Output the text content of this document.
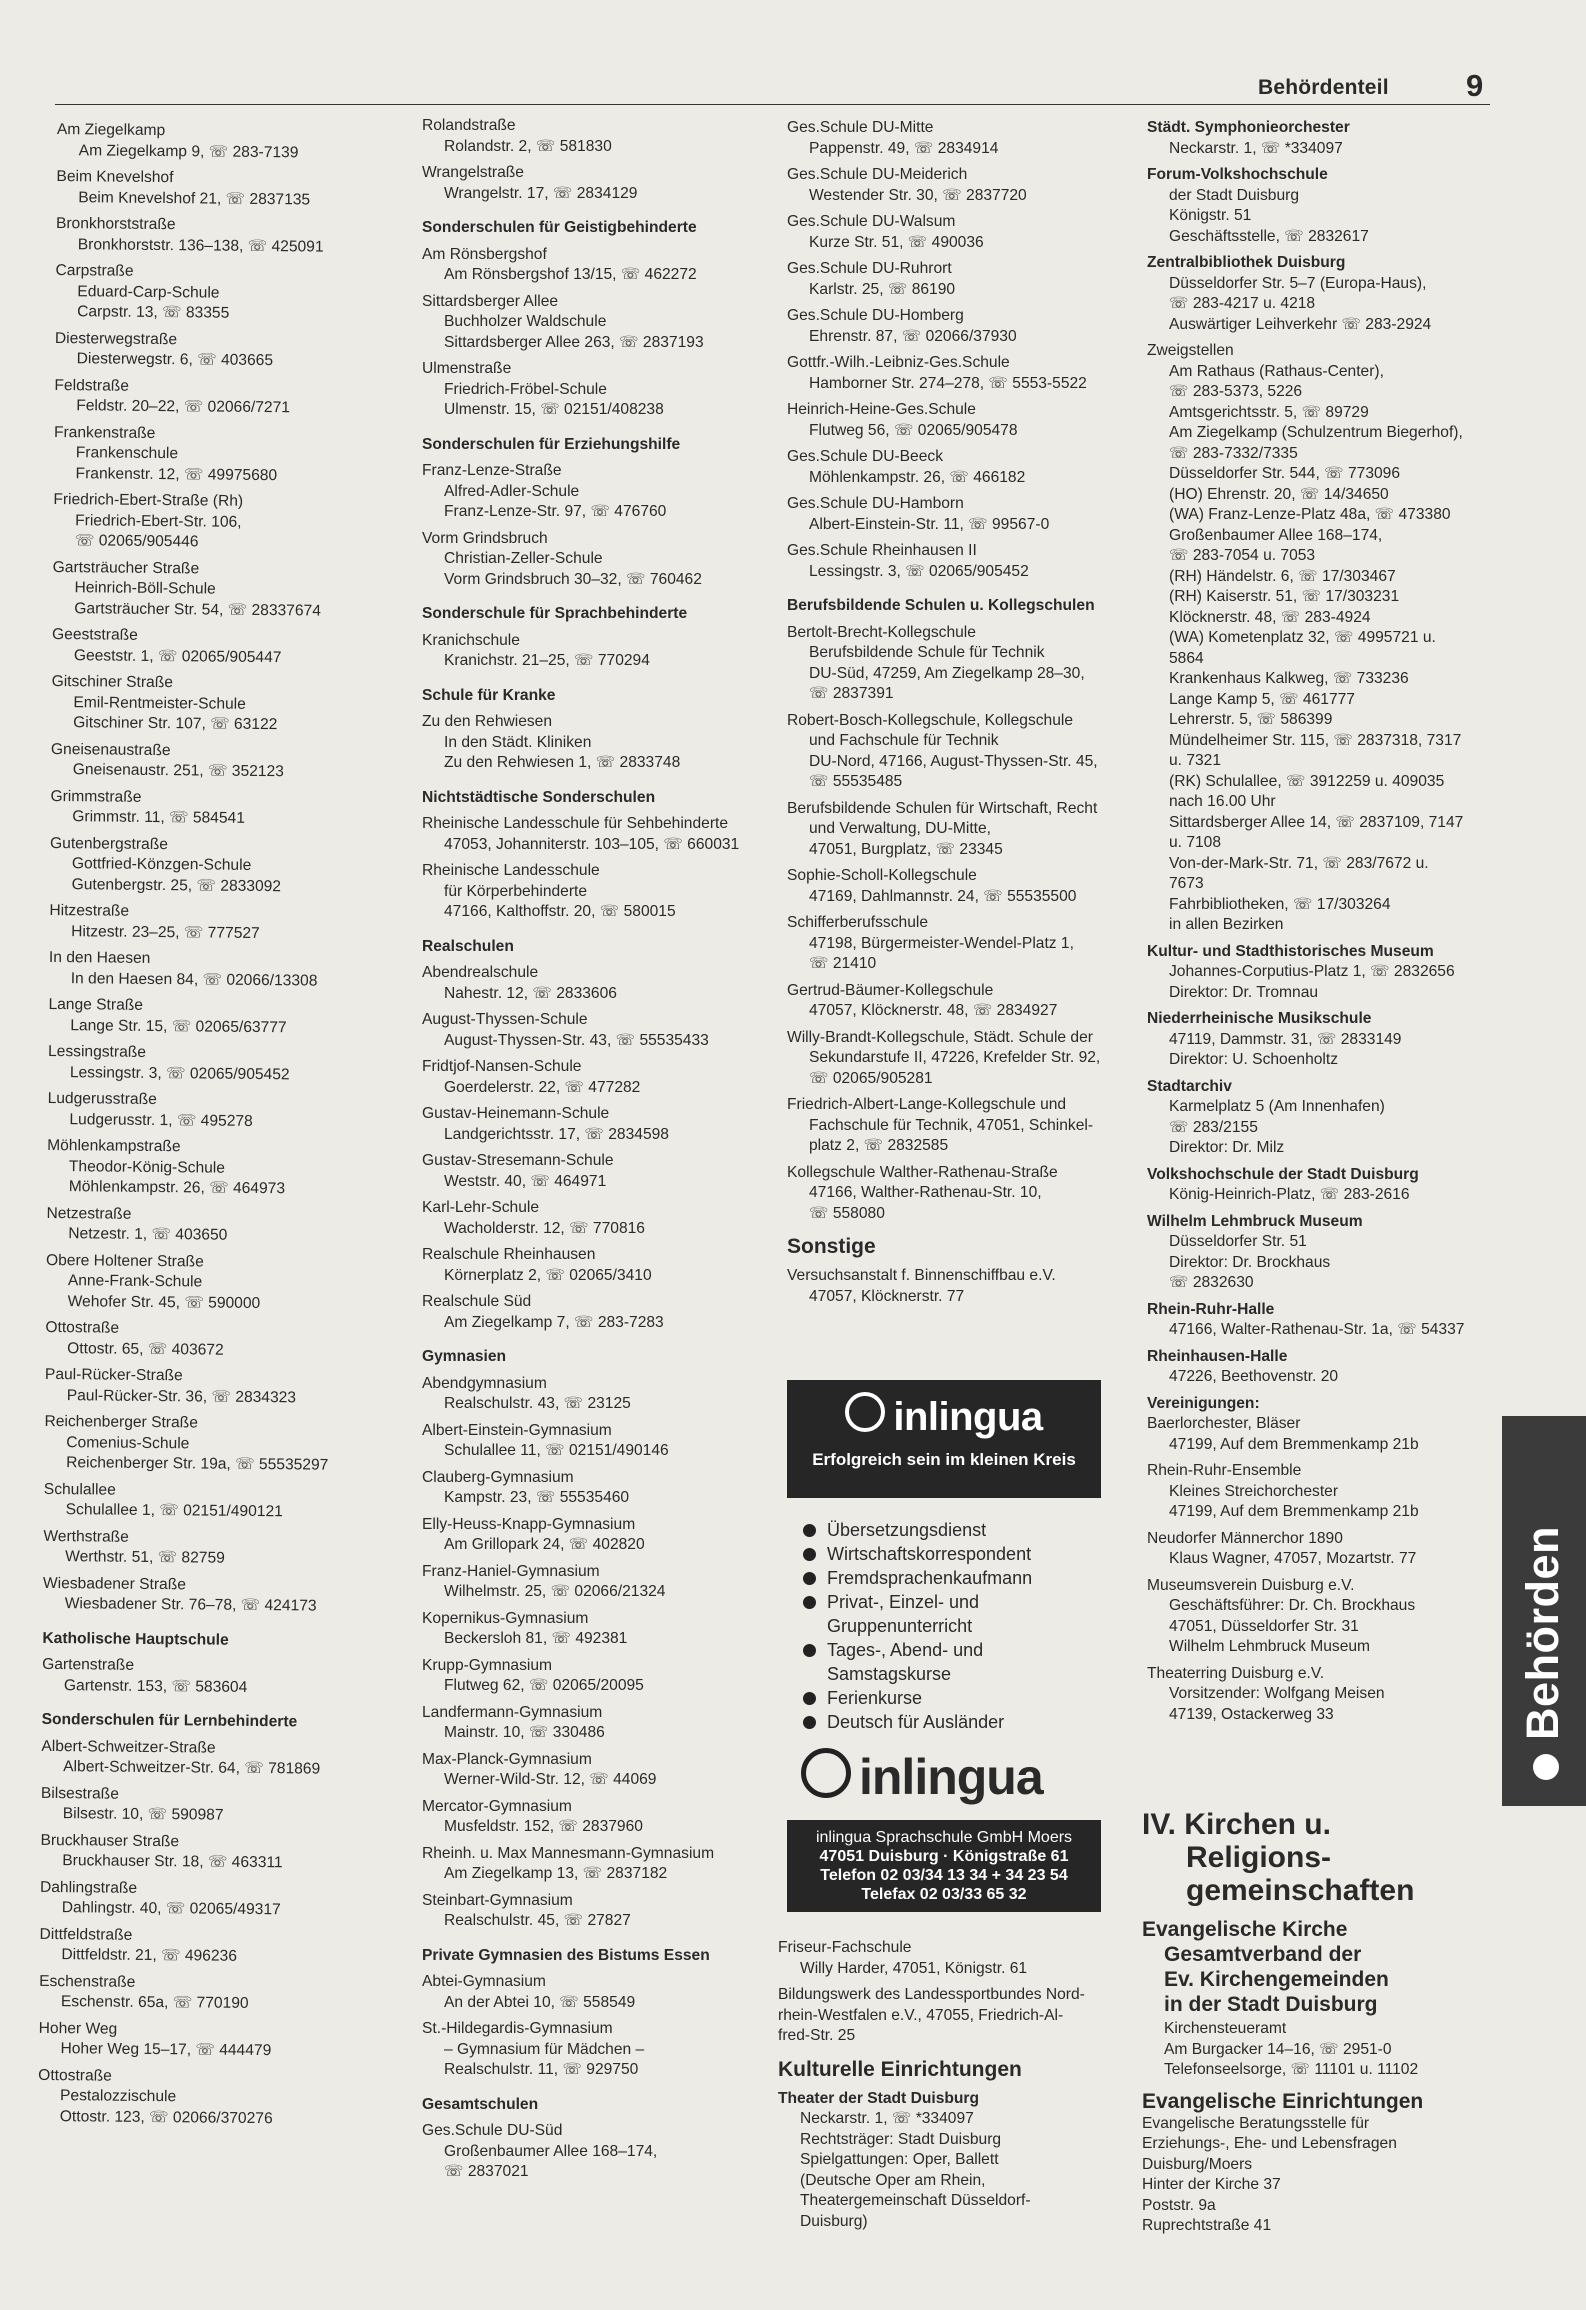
Behördenteil 9
Am Ziegelkamp
Am Ziegelkamp 9, ☏ 283-7139
Beim Knevelshof
Beim Knevelshof 21, ☏ 2837135
Bronkhorststraße
Bronkhorststr. 136–138, ☏ 425091
Carpstraße
Eduard-Carp-Schule
Carpstr. 13, ☏ 83355
Diesterwegstraße
Diesterwegstr. 6, ☏ 403665
Feldstraße
Feldstr. 20–22, ☏ 02066/7271
Frankenstraße
Frankenschule
Frankenstr. 12, ☏ 49975680
Friedrich-Ebert-Straße (Rh)
Friedrich-Ebert-Str. 106,
☏ 02065/905446
Gartsträucher Straße
Heinrich-Böll-Schule
Gartsträucher Str. 54, ☏ 28337674
Geeststraße
Geeststr. 1, ☏ 02065/905447
Gitschiner Straße
Emil-Rentmeister-Schule
Gitschiner Str. 107, ☏ 63122
Gneisenaustraße
Gneisenaustr. 251, ☏ 352123
Grimmstraße
Grimmstr. 11, ☏ 584541
Gutenbergstraße
Gottfried-Könzgen-Schule
Gutenbergstr. 25, ☏ 2833092
Hitzestraße
Hitzestr. 23–25, ☏ 777527
In den Haesen
In den Haesen 84, ☏ 02066/13308
Lange Straße
Lange Str. 15, ☏ 02065/63777
Lessingstraße
Lessingstr. 3, ☏ 02065/905452
Ludgerusstraße
Ludgerusstr. 1, ☏ 495278
Möhlenkampstraße
Theodor-König-Schule
Möhlenkampstr. 26, ☏ 464973
Netzestraße
Netzestr. 1, ☏ 403650
Obere Holtener Straße
Anne-Frank-Schule
Wehofer Str. 45, ☏ 590000
Ottostraße
Ottostr. 65, ☏ 403672
Paul-Rücker-Straße
Paul-Rücker-Str. 36, ☏ 2834323
Reichenberger Straße
Comenius-Schule
Reichenberger Str. 19a, ☏ 55535297
Schulallee
Schulallee 1, ☏ 02151/490121
Werthstraße
Werthstr. 51, ☏ 82759
Wiesbadener Straße
Wiesbadener Str. 76–78, ☏ 424173
Katholische Hauptschule
Gartenstraße
Gartenstr. 153, ☏ 583604
Sonderschulen für Lernbehinderte
Albert-Schweitzer-Straße
Albert-Schweitzer-Str. 64, ☏ 781869
Bilsestraße
Bilsestr. 10, ☏ 590987
Bruckhauser Straße
Bruckhauser Str. 18, ☏ 463311
Dahlingstraße
Dahlingstr. 40, ☏ 02065/49317
Dittfeldstraße
Dittfeldstr. 21, ☏ 496236
Eschenstraße
Eschenstr. 65a, ☏ 770190
Hoher Weg
Hoher Weg 15–17, ☏ 444479
Ottostraße
Pestalozzischule
Ottostr. 123, ☏ 02066/370276
Rolandstraße
Rolandstr. 2, ☏ 581830
Wrangelstraße
Wrangelstr. 17, ☏ 2834129
Sonderschulen für Geistigbehinderte
Am Rönsbergshof
Am Rönsbergshof 13/15, ☏ 462272
Sittardsberger Allee
Buchholzer Waldschule
Sittardsberger Allee 263, ☏ 2837193
Ulmenstraße
Friedrich-Fröbel-Schule
Ulmenstr. 15, ☏ 02151/408238
Sonderschulen für Erziehungshilfe
Franz-Lenze-Straße
Alfred-Adler-Schule
Franz-Lenze-Str. 97, ☏ 476760
Vorm Grindsbruch
Christian-Zeller-Schule
Vorm Grindsbruch 30–32, ☏ 760462
Sonderschule für Sprachbehinderte
Kranichschule
Kranichstr. 21–25, ☏ 770294
Schule für Kranke
Zu den Rehwiesen
In den Städt. Kliniken
Zu den Rehwiesen 1, ☏ 2833748
Nichtstädtische Sonderschulen
Rheinische Landesschule für Sehbehinderte
47053, Johanniterstr. 103–105, ☏ 660031
Rheinische Landesschule
für Körperbehinderte
47166, Kalthoffstr. 20, ☏ 580015
Realschulen
Abendrealschule
Nahestr. 12, ☏ 2833606
August-Thyssen-Schule
August-Thyssen-Str. 43, ☏ 55535433
Fridtjof-Nansen-Schule
Goerdelerstr. 22, ☏ 477282
Gustav-Heinemann-Schule
Landgerichtsstr. 17, ☏ 2834598
Gustav-Stresemann-Schule
Weststr. 40, ☏ 464971
Karl-Lehr-Schule
Wacholderstr. 12, ☏ 770816
Realschule Rheinhausen
Körnerplatz 2, ☏ 02065/3410
Realschule Süd
Am Ziegelkamp 7, ☏ 283-7283
Gymnasien
Abendgymnasium
Realschulstr. 43, ☏ 23125
Albert-Einstein-Gymnasium
Schulallee 11, ☏ 02151/490146
Clauberg-Gymnasium
Kampstr. 23, ☏ 55535460
Elly-Heuss-Knapp-Gymnasium
Am Grillopark 24, ☏ 402820
Franz-Haniel-Gymnasium
Wilhelmstr. 25, ☏ 02066/21324
Kopernikus-Gymnasium
Beckersloh 81, ☏ 492381
Krupp-Gymnasium
Flutweg 62, ☏ 02065/20095
Landfermann-Gymnasium
Mainstr. 10, ☏ 330486
Max-Planck-Gymnasium
Werner-Wild-Str. 12, ☏ 44069
Mercator-Gymnasium
Musfeldstr. 152, ☏ 2837960
Rheinh. u. Max Mannesmann-Gymnasium
Am Ziegelkamp 13, ☏ 2837182
Steinbart-Gymnasium
Realschulstr. 45, ☏ 27827
Private Gymnasien des Bistums Essen
Abtei-Gymnasium
An der Abtei 10, ☏ 558549
St.-Hildegardis-Gymnasium
– Gymnasium für Mädchen –
Realschulstr. 11, ☏ 929750
Gesamtschulen
Ges.Schule DU-Süd
Großenbaumer Allee 168–174,
☏ 2837021
Ges.Schule DU-Mitte
Pappenstr. 49, ☏ 2834914
Ges.Schule DU-Meiderich
Westender Str. 30, ☏ 2837720
Ges.Schule DU-Walsum
Kurze Str. 51, ☏ 490036
Ges.Schule DU-Ruhrort
Karlstr. 25, ☏ 86190
Ges.Schule DU-Homberg
Ehrenstr. 87, ☏ 02066/37930
Gottfr.-Wilh.-Leibniz-Ges.Schule
Hamborner Str. 274–278, ☏ 5553-5522
Heinrich-Heine-Ges.Schule
Flutweg 56, ☏ 02065/905478
Ges.Schule DU-Beeck
Möhlenkampstr. 26, ☏ 466182
Ges.Schule DU-Hamborn
Albert-Einstein-Str. 11, ☏ 99567-0
Ges.Schule Rheinhausen II
Lessingstr. 3, ☏ 02065/905452
Berufsbildende Schulen u. Kollegschulen
Bertolt-Brecht-Kollegschule
Berufsbildende Schule für Technik
DU-Süd, 47259, Am Ziegelkamp 28–30,
☏ 2837391
Robert-Bosch-Kollegschule, Kollegschule
und Fachschule für Technik
DU-Nord, 47166, August-Thyssen-Str. 45,
☏ 55535485
Berufsbildende Schulen für Wirtschaft, Recht
und Verwaltung, DU-Mitte,
47051, Burgplatz, ☏ 23345
Sophie-Scholl-Kollegschule
47169, Dahlmannstr. 24, ☏ 55535500
Schifferberufsschule
47198, Bürgermeister-Wendel-Platz 1,
☏ 21410
Gertrud-Bäumer-Kollegschule
47057, Klöcknerstr. 48, ☏ 2834927
Willy-Brandt-Kollegschule, Städt. Schule der
Sekundarstufe II, 47226, Krefelder Str. 92,
☏ 02065/905281
Friedrich-Albert-Lange-Kollegschule und
Fachschule für Technik, 47051, Schinkel-
platz 2, ☏ 2832585
Kollegschule Walther-Rathenau-Straße
47166, Walther-Rathenau-Str. 10,
☏ 558080
Sonstige
Versuchsanstalt f. Binnenschiffbau e.V.
47057, Klöcknerstr. 77
inlingua
Erfolgreich sein im kleinen Kreis
Übersetzungsdienst
Wirtschaftskorrespondent
Fremdsprachenkaufmann
Privat-, Einzel- und Gruppenunterricht
Tages-, Abend- und Samstagskurse
Ferienkurse
Deutsch für Ausländer
inlingua
inlingua Sprachschule GmbH Moers
47051 Duisburg · Königstraße 61
Telefon 02 03/34 13 34 + 34 23 54
Telefax 02 03/33 65 32
Friseur-Fachschule
Willy Harder, 47051, Königstr. 61
Bildungswerk des Landessportbundes Nord-
rhein-Westfalen e.V., 47055, Friedrich-Al-
fred-Str. 25
Kulturelle Einrichtungen
Theater der Stadt Duisburg
Neckarstr. 1, ☏ *334097
Rechtsträger: Stadt Duisburg
Spielgattungen: Oper, Ballett
(Deutsche Oper am Rhein,
Theatergemeinschaft Düsseldorf-
Duisburg)
Städt. Symphonieorchester
Neckarstr. 1, ☏ *334097
Forum-Volkshochschule
der Stadt Duisburg
Königstr. 51
Geschäftsstelle, ☏ 2832617
Zentralbibliothek Duisburg
Düsseldorfer Str. 5–7 (Europa-Haus),
☏ 283-4217 u. 4218
Auswärtiger Leihverkehr ☏ 283-2924
Zweigstellen
Am Rathaus (Rathaus-Center),
☏ 283-5373, 5226
Amtsgerichtsstr. 5, ☏ 89729
Am Ziegelkamp (Schulzentrum Biegerhof),
☏ 283-7332/7335
Düsseldorfer Str. 544, ☏ 773096
(HO) Ehrenstr. 20, ☏ 14/34650
(WA) Franz-Lenze-Platz 48a, ☏ 473380
Großenbaumer Allee 168–174,
☏ 283-7054 u. 7053
(RH) Händelstr. 6, ☏ 17/303467
(RH) Kaiserstr. 51, ☏ 17/303231
Klöcknerstr. 48, ☏ 283-4924
(WA) Kometenplatz 32, ☏ 4995721 u.
5864
Krankenhaus Kalkweg, ☏ 733236
Lange Kamp 5, ☏ 461777
Lehrerstr. 5, ☏ 586399
Mündelheimer Str. 115, ☏ 2837318, 7317
u. 7321
(RK) Schulallee, ☏ 3912259 u. 409035
nach 16.00 Uhr
Sittardsberger Allee 14, ☏ 2837109, 7147
u. 7108
Von-der-Mark-Str. 71, ☏ 283/7672 u.
7673
Fahrbibliotheken, ☏ 17/303264
in allen Bezirken
Kultur- und Stadthistorisches Museum
Johannes-Corputius-Platz 1, ☏ 2832656
Direktor: Dr. Tromnau
Niederrheinische Musikschule
47119, Dammstr. 31, ☏ 2833149
Direktor: U. Schoenholtz
Stadtarchiv
Karmelplatz 5 (Am Innenhafen)
☏ 283/2155
Direktor: Dr. Milz
Volkshochschule der Stadt Duisburg
König-Heinrich-Platz, ☏ 283-2616
Wilhelm Lehmbruck Museum
Düsseldorfer Str. 51
Direktor: Dr. Brockhaus
☏ 2832630
Rhein-Ruhr-Halle
47166, Walter-Rathenau-Str. 1a, ☏ 54337
Rheinhausen-Halle
47226, Beethovenstr. 20
Vereinigungen:
Baerlorchester, Bläser
47199, Auf dem Bremmenkamp 21b
Rhein-Ruhr-Ensemble
Kleines Streichorchester
47199, Auf dem Bremmenkamp 21b
Neudorfer Männerchor 1890
Klaus Wagner, 47057, Mozartstr. 77
Museumsverein Duisburg e.V.
Geschäftsführer: Dr. Ch. Brockhaus
47051, Düsseldorfer Str. 31
Wilhelm Lehmbruck Museum
Theaterring Duisburg e.V.
Vorsitzender: Wolfgang Meisen
47139, Ostackerweg 33
IV. Kirchen u.
Religions-
gemeinschaften
Evangelische Kirche
Gesamtverband der
Ev. Kirchengemeinden
in der Stadt Duisburg
Kirchensteueramt
Am Burgacker 14–16, ☏ 2951-0
Telefonseelsorge, ☏ 11101 u. 11102
Evangelische Einrichtungen
Evangelische Beratungsstelle für
Erziehungs-, Ehe- und Lebensfragen
Duisburg/Moers
Hinter der Kirche 37
Poststr. 9a
Ruprechtstraße 41
Behörden
